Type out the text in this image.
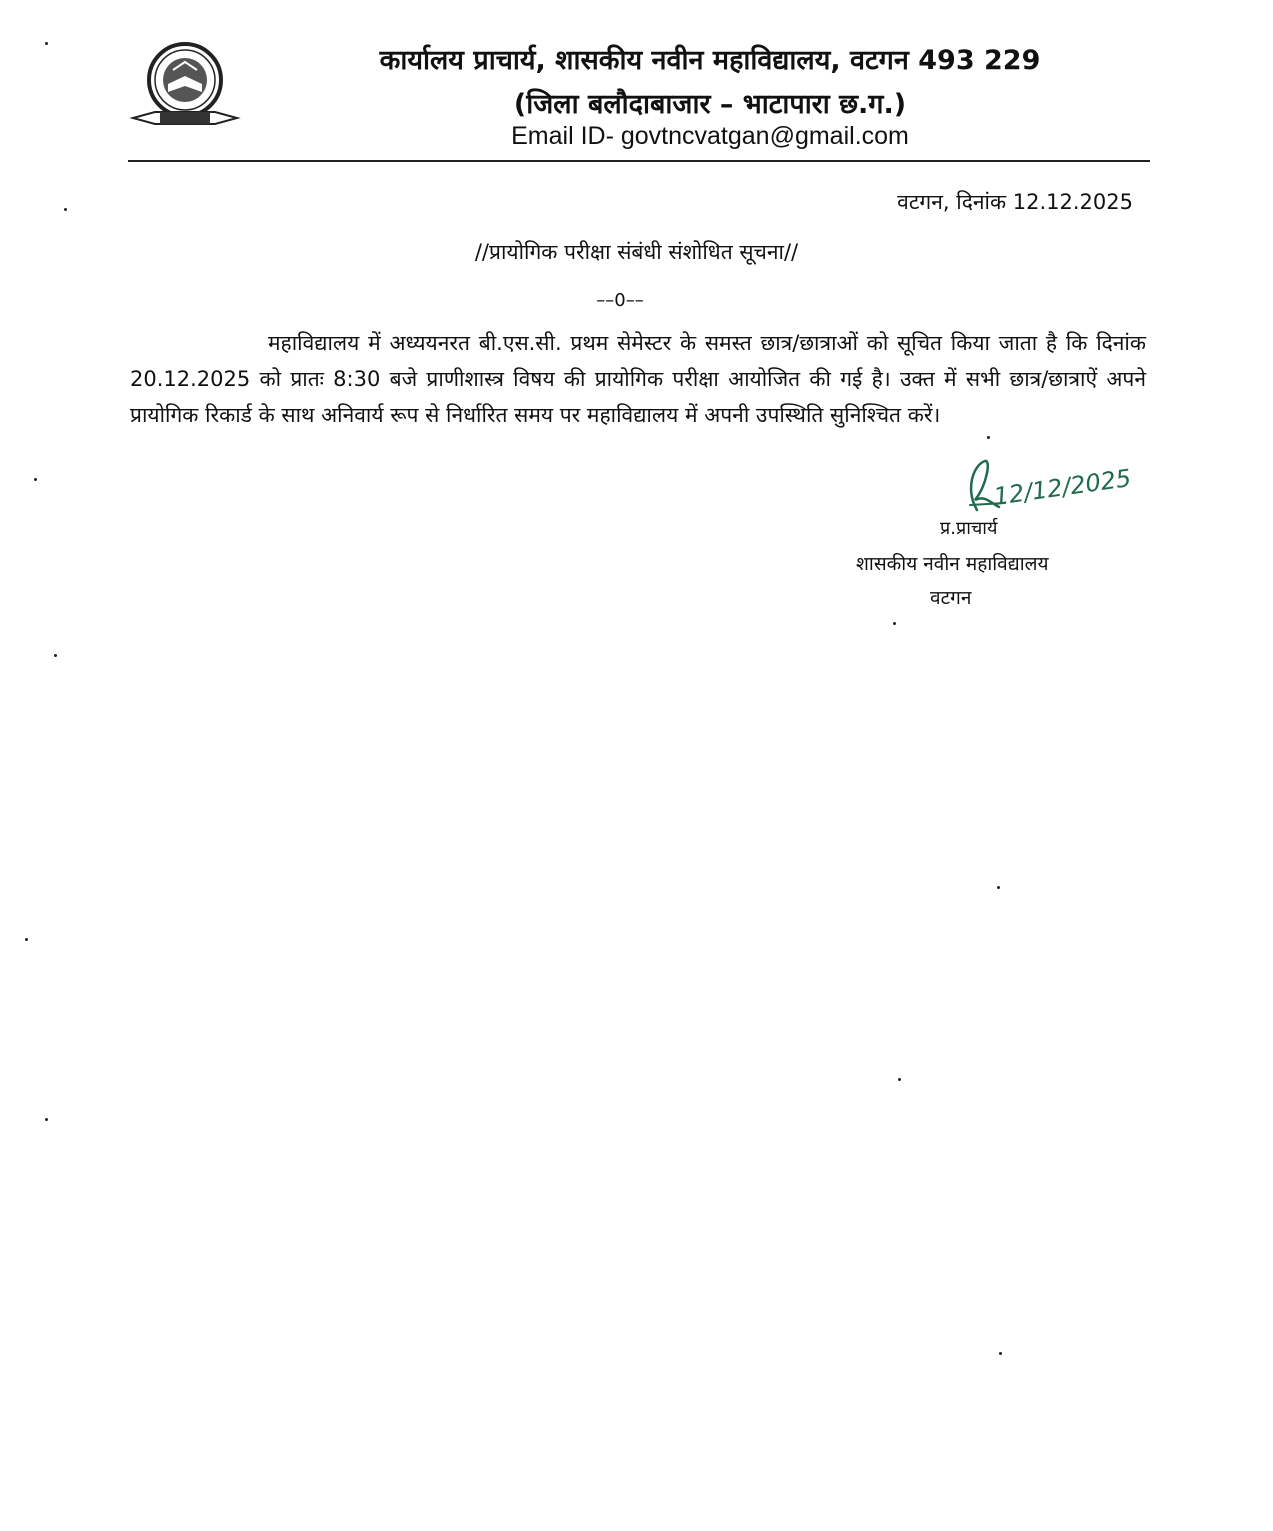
कार्यालय प्राचार्य, शासकीय नवीन महाविद्यालय, वटगन 493 229
(जिला बलौदाबाजार – भाटापारा छ.ग.)
Email ID- govtncvatgan@gmail.com
वटगन, दिनांक 12.12.2025
//प्रायोगिक परीक्षा संबंधी संशोधित सूचना//
––0––
महाविद्यालय में अध्ययनरत बी.एस.सी. प्रथम सेमेस्टर के समस्त छात्र/छात्राओं को सूचित किया जाता है कि दिनांक 20.12.2025 को प्रातः 8:30 बजे प्राणीशास्त्र विषय की प्रायोगिक परीक्षा आयोजित की गई है। उक्त में सभी छात्र/छात्राऐं अपने प्रायोगिक रिकार्ड के साथ अनिवार्य रूप से निर्धारित समय पर महाविद्यालय में अपनी उपस्थिति सुनिश्चित करें।
12/12/2025
प्र.प्राचार्य
शासकीय नवीन महाविद्यालय
वटगन
